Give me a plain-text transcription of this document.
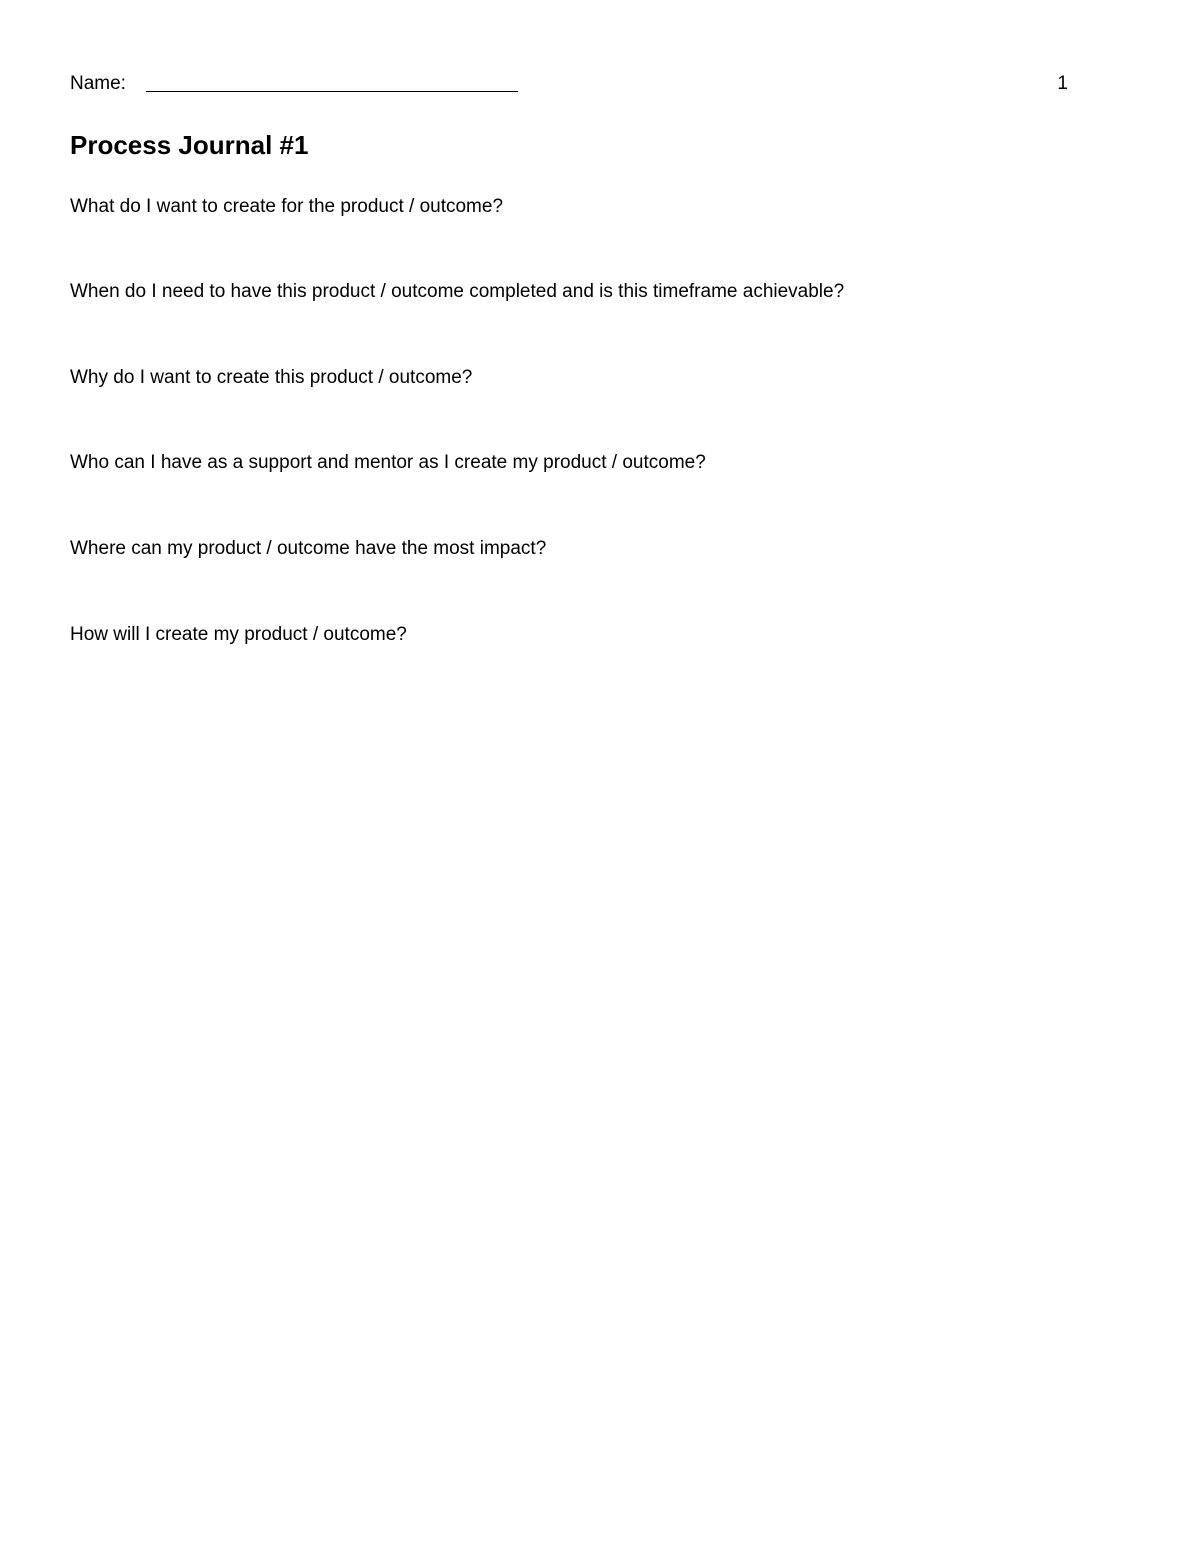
Name:	1
Process Journal #1

What do I want to create for the product / outcome?

When do I need to have this product / outcome completed and is this timeframe achievable?

Why do I want to create this product / outcome?

Who can I have as a support and mentor as I create my product / outcome?

Where can my product / outcome have the most impact?

How will I create my product / outcome?
